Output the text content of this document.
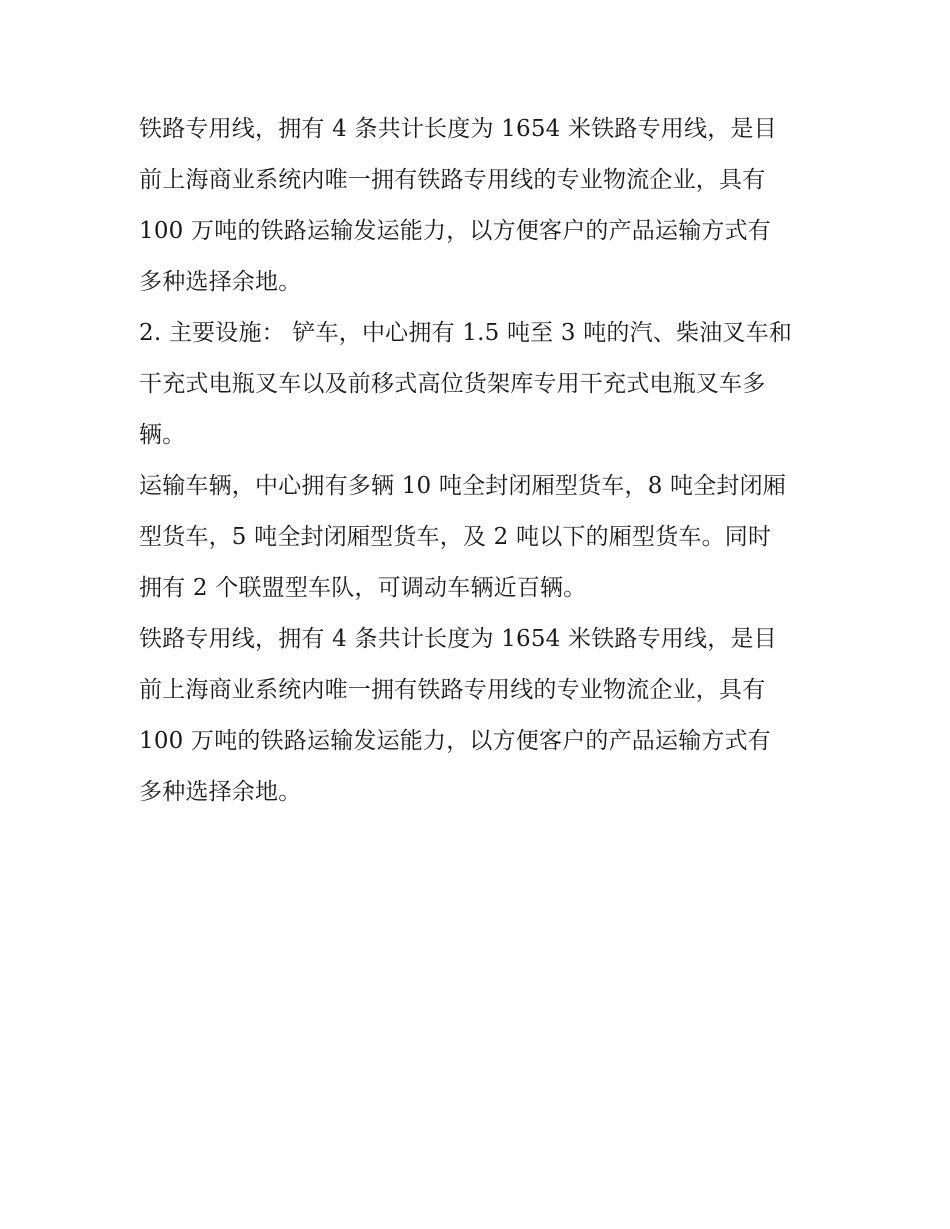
铁路专用线，拥有 4 条共计长度为 1654 米铁路专用线，是目
前上海商业系统内唯一拥有铁路专用线的专业物流企业，具有
100 万吨的铁路运输发运能力，以方便客户的产品运输方式有
多种选择余地。

2. 主要设施： 铲车，中心拥有 1.5 吨至 3 吨的汽、柴油叉车和
干充式电瓶叉车以及前移式高位货架库专用干充式电瓶叉车多
辆。

运输车辆，中心拥有多辆 10 吨全封闭厢型货车，8 吨全封闭厢
型货车，5 吨全封闭厢型货车，及 2 吨以下的厢型货车。同时
拥有 2 个联盟型车队，可调动车辆近百辆。

铁路专用线，拥有 4 条共计长度为 1654 米铁路专用线，是目
前上海商业系统内唯一拥有铁路专用线的专业物流企业，具有
100 万吨的铁路运输发运能力，以方便客户的产品运输方式有
多种选择余地。
